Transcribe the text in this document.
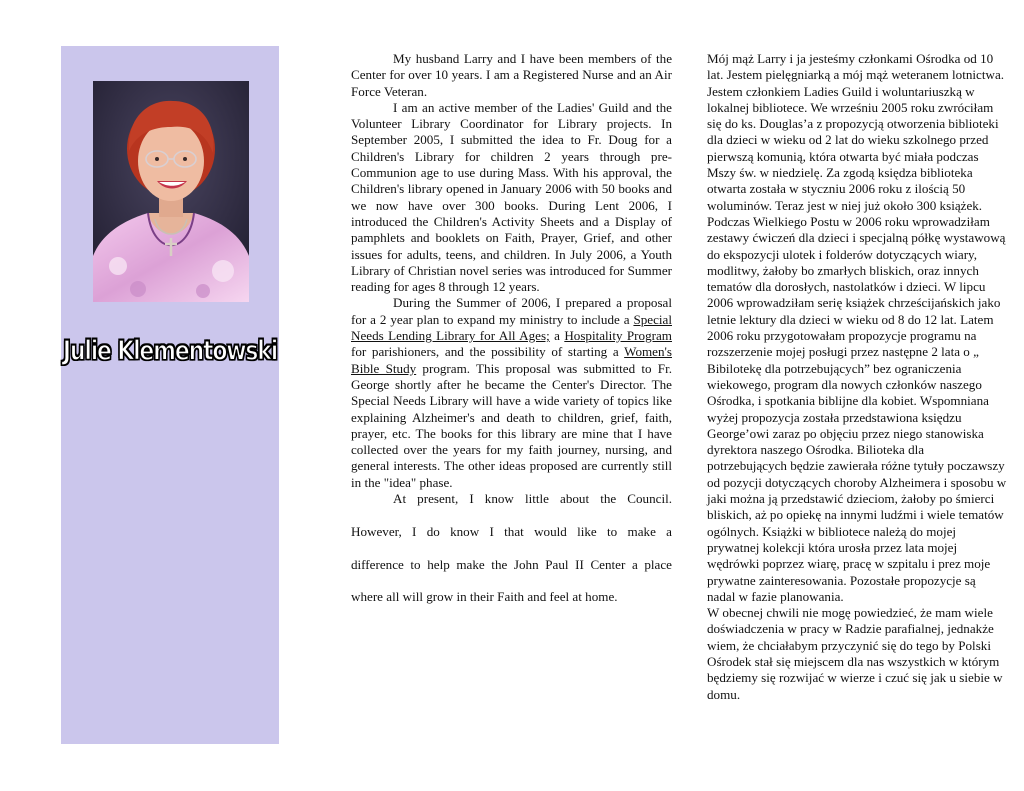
Julie Klementowski

My husband Larry and I have been members of the Center for over 10 years. I am a Registered Nurse and an Air Force Veteran.

I am an active member of the Ladies' Guild and the Volunteer Library Coordinator for Library projects. In September 2005, I submitted the idea to Fr. Doug for a Children's Library for children 2 years through pre-Communion age to use during Mass. With his approval, the Children's library opened in January 2006 with 50 books and we now have over 300 books. During Lent 2006, I introduced the Children's Activity Sheets and a Display of pamphlets and booklets on Faith, Prayer, Grief, and other issues for adults, teens, and children. In July 2006, a Youth Library of Christian novel series was introduced for Summer reading for ages 8 through 12 years.

During the Summer of 2006, I prepared a proposal for a 2 year plan to expand my ministry to include a Special Needs Lending Library for All Ages; a Hospitality Program for parishioners, and the possibility of starting a Women's Bible Study program. This proposal was submitted to Fr. George shortly after he became the Center's Director. The Special Needs Library will have a wide variety of topics like explaining Alzheimer's and death to children, grief, faith, prayer, etc. The books for this library are mine that I have collected over the years for my faith journey, nursing, and general interests. The other ideas proposed are currently still in the "idea" phase.

At present, I know little about the Council.

However, I do know I that would like to make a

difference to help make the John Paul II Center a place

where all will grow in their Faith and feel at home.

Mój mąż Larry i ja jesteśmy członkami Ośrodka od 10 lat. Jestem pielęgniarką a mój mąż weteranem lotnictwa.

Jestem członkiem Ladies Guild i woluntariuszką w lokalnej bibliotece. We wrześniu 2005 roku zwróciłam się do ks. Douglas’a z propozycją otworzenia biblioteki dla dzieci w wieku od 2 lat do wieku szkolnego przed pierwszą komunią, która otwarta być miała podczas Mszy św. w niedzielę. Za zgodą księdza biblioteka otwarta została w styczniu 2006 roku z ilością 50 woluminów. Teraz jest w niej już około 300 książek. Podczas Wielkiego Postu w 2006 roku wprowadziłam zestawy ćwiczeń dla dzieci i specjalną półkę wystawową do ekspozycji ulotek i folderów dotyczących wiary, modlitwy, żałoby bo zmarłych bliskich, oraz innych tematów dla dorosłych, nastolatków i dzieci. W lipcu 2006 wprowadziłam serię książek chrześcijańskich jako letnie lektury dla dzieci w wieku od 8 do 12 lat. Latem 2006 roku przygotowałam propozycje programu na rozszerzenie mojej posługi przez następne 2 lata o „ Bibilotekę dla potrzebujących” bez ograniczenia wiekowego, program dla nowych członków naszego Ośrodka, i spotkania biblijne dla kobiet. Wspomniana wyżej propozycja została przedstawiona księdzu George’owi zaraz po objęciu przez niego stanowiska dyrektora naszego Ośrodka. Bilioteka dla potrzebujących będzie zawierała różne tytuły poczawszy od pozycji dotyczących choroby Alzheimera i sposobu w jaki można ją przedstawić dzieciom, żałoby po śmierci bliskich, aż po opiekę na innymi ludźmi i wiele tematów ogólnych. Książki w bibliotece należą do mojej prywatnej kolekcji która urosła przez lata mojej wędrówki poprzez wiarę, pracę w szpitalu i prez moje prywatne zainteresowania. Pozostałe propozycje są nadal w fazie planowania.

W obecnej chwili nie mogę powiedzieć, że mam wiele doświadczenia w pracy w Radzie parafialnej, jednakże wiem, że chciałabym przyczynić się do tego by Polski Ośrodek stał się miejscem dla nas wszystkich w którym będziemy się rozwijać w wierze i czuć się jak u siebie w domu.
